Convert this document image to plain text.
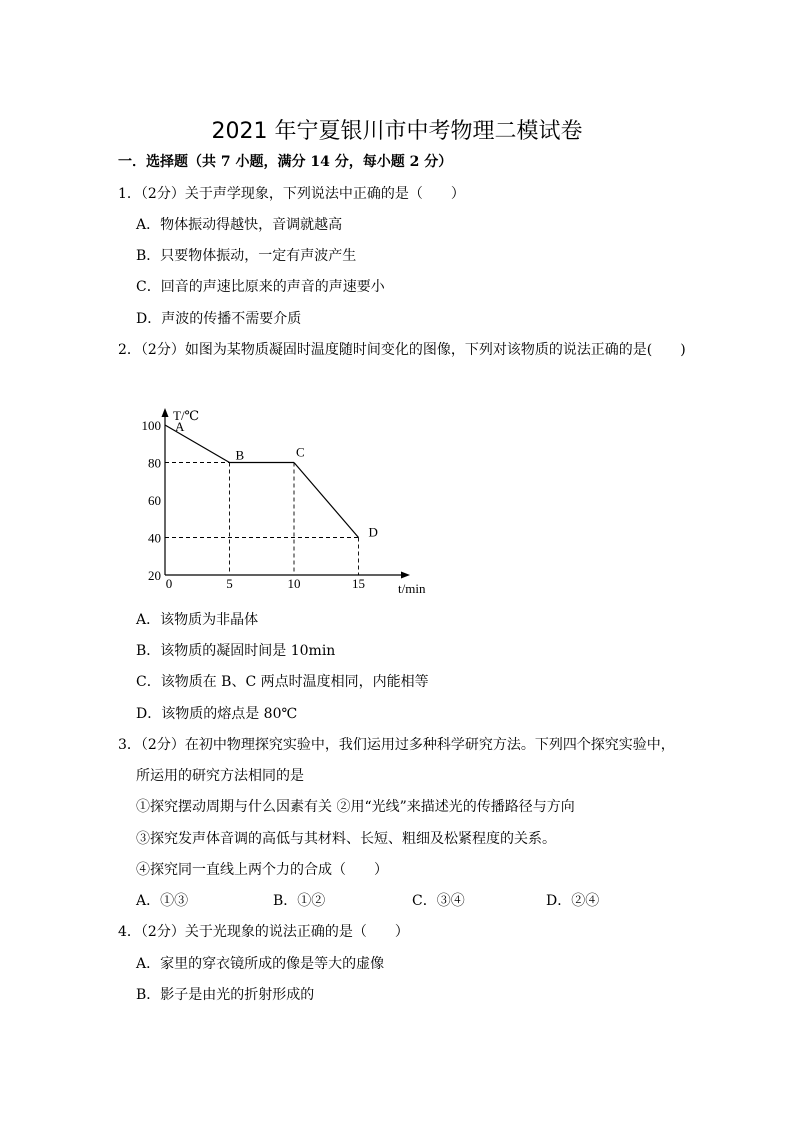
2021 年宁夏银川市中考物理二模试卷
一．选择题（共 7 小题，满分 14 分，每小题 2 分）
1．（2分）关于声学现象，下列说法中正确的是（　　）
A．物体振动得越快，音调就越高
B．只要物体振动，一定有声波产生
C．回音的声速比原来的声音的声速要小
D．声波的传播不需要介质
2．（2分）如图为某物质凝固时温度随时间变化的图像，下列对该物质的说法正确的是(　　)
T/℃
t/min
20
40
60
80
100
0	5	10	15
A
B	C
D
A．该物质为非晶体
B．该物质的凝固时间是 10min
C．该物质在 B、C 两点时温度相同，内能相等
D．该物质的熔点是 80℃
3．（2分）在初中物理探究实验中，我们运用过多种科学研究方法。下列四个探究实验中，
所运用的研究方法相同的是
①探究摆动周期与什么因素有关 ②用“光线”来描述光的传播路径与方向
③探究发声体音调的高低与其材料、长短、粗细及松紧程度的关系。
④探究同一直线上两个力的合成（　　）
A．①③	B．①②	C．③④	D．②④
4．（2分）关于光现象的说法正确的是（　　）
A．家里的穿衣镜所成的像是等大的虚像
B．影子是由光的折射形成的
